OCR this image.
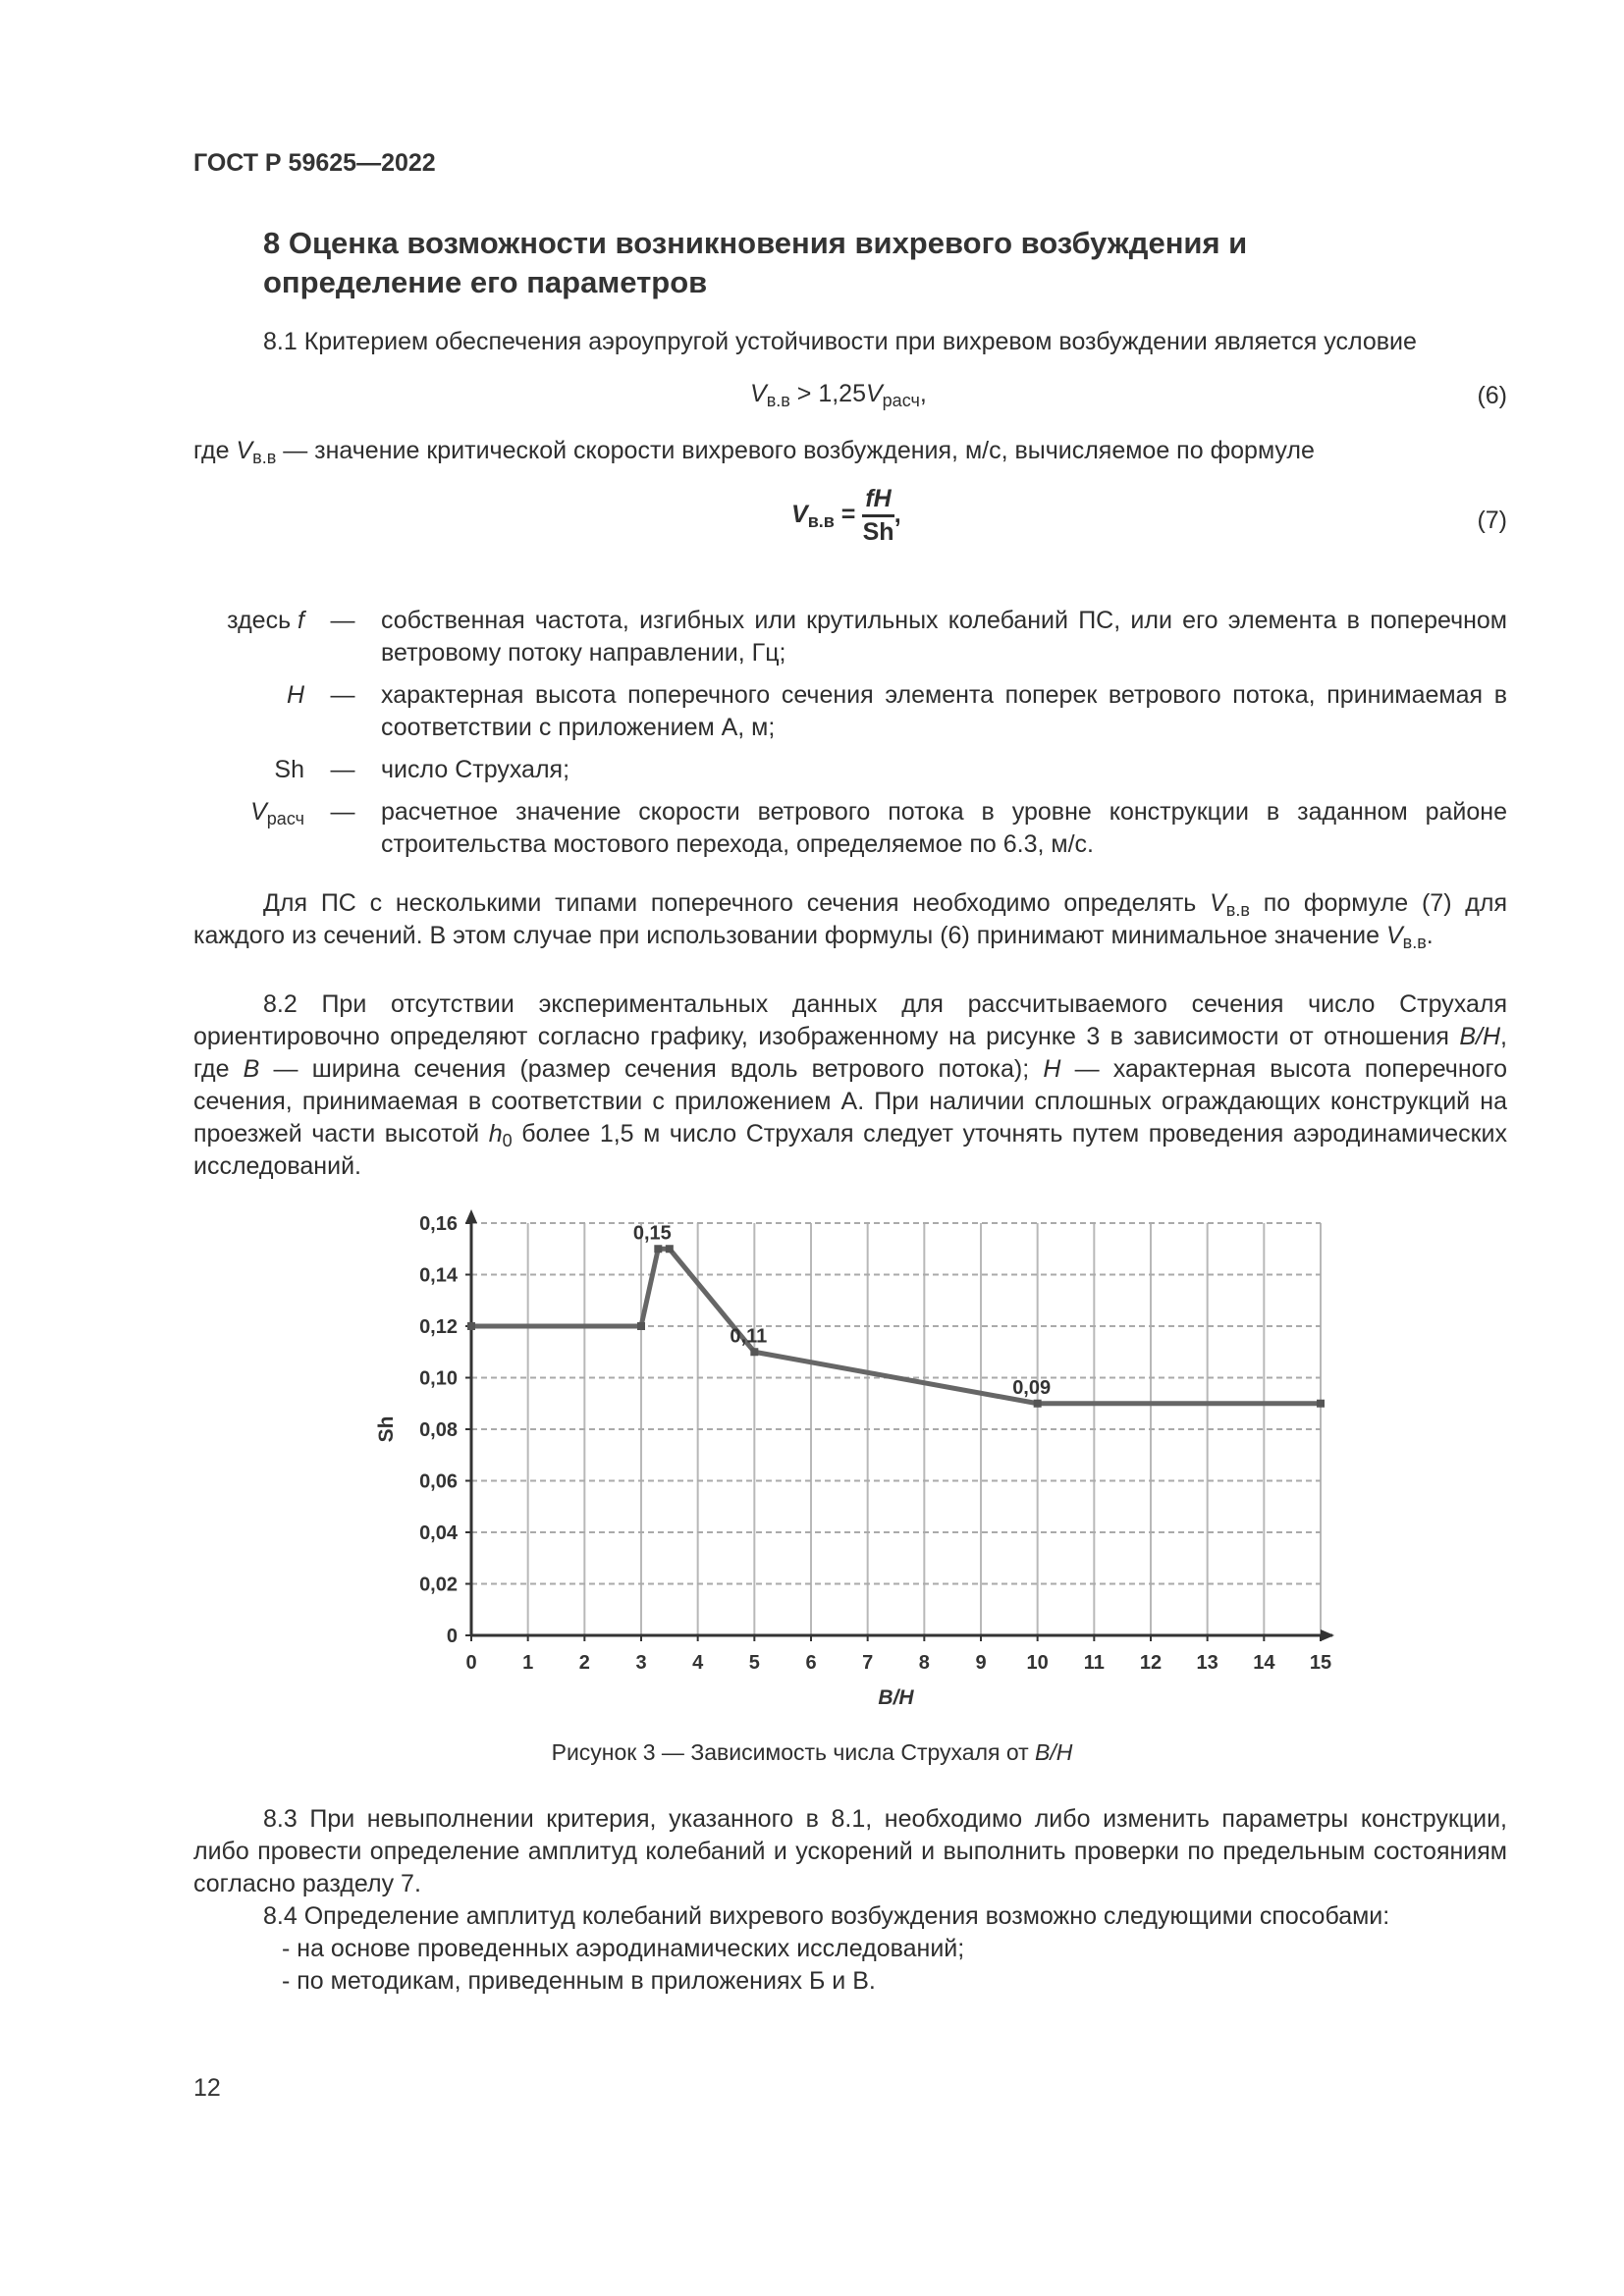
ГОСТ Р 59625—2022
8 Оценка возможности возникновения вихревого возбуждения и определение его параметров
8.1 Критерием обеспечения аэроупругой устойчивости при вихревом возбуждении является условие
$V_{в.в} > 1,25V_{расч}$,	(6)
где $V_{в.в}$ — значение критической скорости вихревого возбуждения, м/с, вычисляемое по формуле
$V_{в.в} = \frac{fH}{Sh}$ ,	(7)
здесь f	—	собственная частота, изгибных или крутильных колебаний ПС, или его элемента в поперечном ветровому потоку направлении, Гц;
H	—	характерная высота поперечного сечения элемента поперек ветрового потока, принимаемая в соответствии с приложением А, м;
Sh	—	число Струхаля;
$V_{расч}$	—	расчетное значение скорости ветрового потока в уровне конструкции в заданном районе строительства мостового перехода, определяемое по 6.3, м/с.
Для ПС с несколькими типами поперечного сечения необходимо определять $V_{в.в}$ по формуле (7) для каждого из сечений. В этом случае при использовании формулы (6) принимают минимальное значение $V_{в.в}$.
8.2 При отсутствии экспериментальных данных для рассчитываемого сечения число Струхаля ориентировочно определяют согласно графику, изображенному на рисунке 3 в зависимости от отношения B/H, где B — ширина сечения (размер сечения вдоль ветрового потока); H — характерная высота поперечного сечения, принимаемая в соответствии с приложением А. При наличии сплошных ограждающих конструкций на проезжей части высотой $h_0$ более 1,5 м число Струхаля следует уточнять путем проведения аэродинамических исследований.
0 1 2 3 4 5 6 7 8 9 10 11 12 13 14 15
0
0,02
0,04
0,06
0,08
0,10
0,12
0,14
0,16
B/H
Sh
0,15
0,11
0,09
Рисунок 3 — Зависимость числа Струхаля от B/H
8.3 При невыполнении критерия, указанного в 8.1, необходимо либо изменить параметры конструкции, либо провести определение амплитуд колебаний и ускорений и выполнить проверки по предельным состояниям согласно разделу 7.
8.4 Определение амплитуд колебаний вихревого возбуждения возможно следующими способами:
- на основе проведенных аэродинамических исследований;
- по методикам, приведенным в приложениях Б и В.
12
